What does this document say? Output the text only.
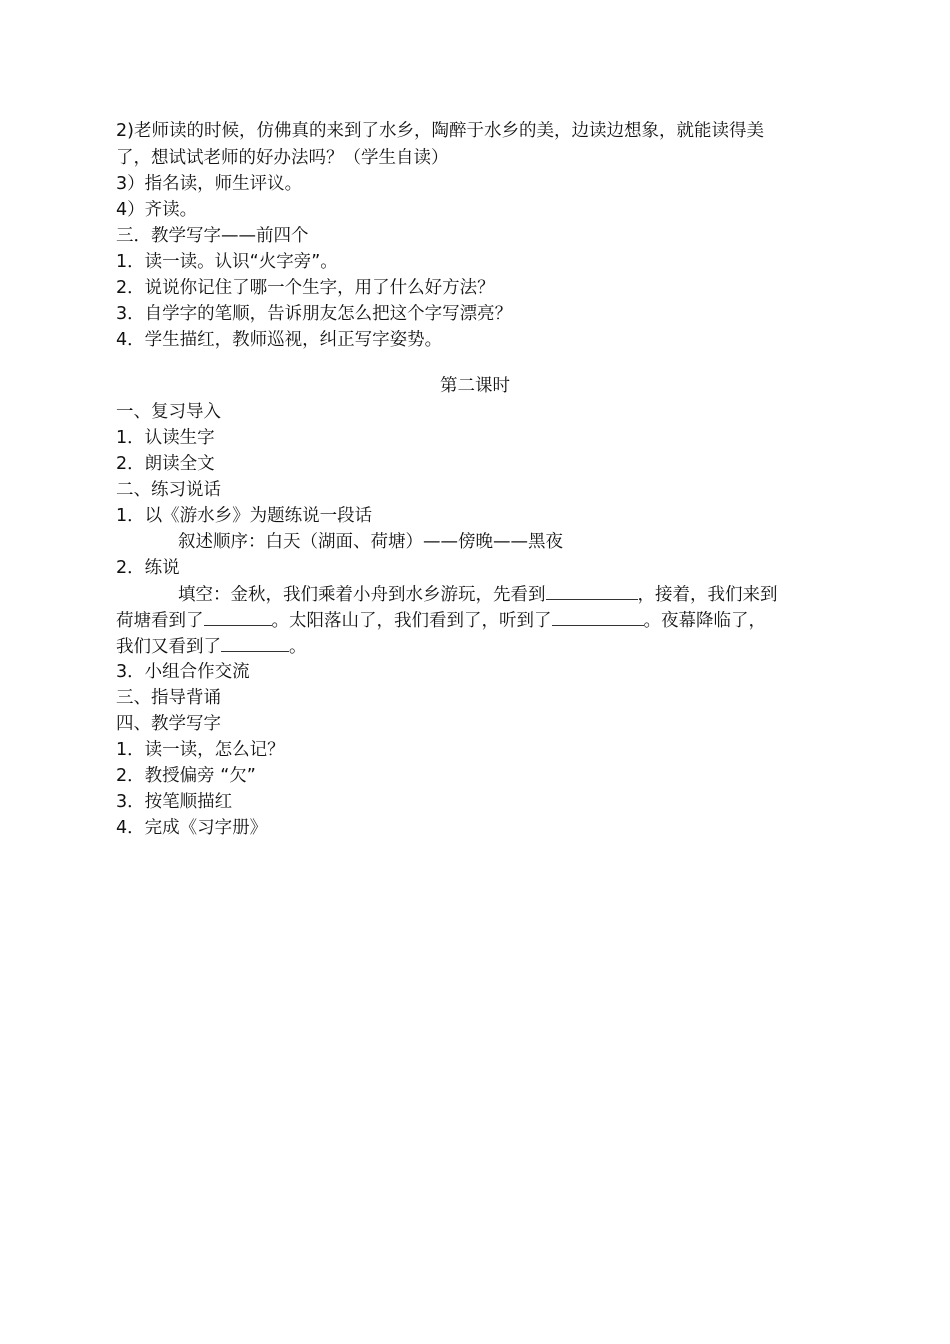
2)老师读的时候，仿佛真的来到了水乡，陶醉于水乡的美，边读边想象，就能读得美
了，想试试老师的好办法吗？（学生自读）
3）指名读，师生评议。
4）齐读。
三．教学写字——前四个
1．读一读。认识“火字旁”。
2．说说你记住了哪一个生字，用了什么好方法？
3．自学字的笔顺，告诉朋友怎么把这个字写漂亮？
4．学生描红，教师巡视，纠正写字姿势。
第二课时
一、复习导入
1．认读生字
2．朗读全文
二、练习说话
1．以《游水乡》为题练说一段话
叙述顺序：白天（湖面、荷塘）——傍晚——黑夜
2．练说
填空：金秋，我们乘着小舟到水乡游玩，先看到	，接着，我们来到
荷塘看到了	。太阳落山了，我们看到了，听到了	。夜幕降临了，
我们又看到了	。
3．小组合作交流
三、指导背诵
四、教学写字
1．读一读，怎么记？
2．教授偏旁 “欠”
3．按笔顺描红
4．完成《习字册》
